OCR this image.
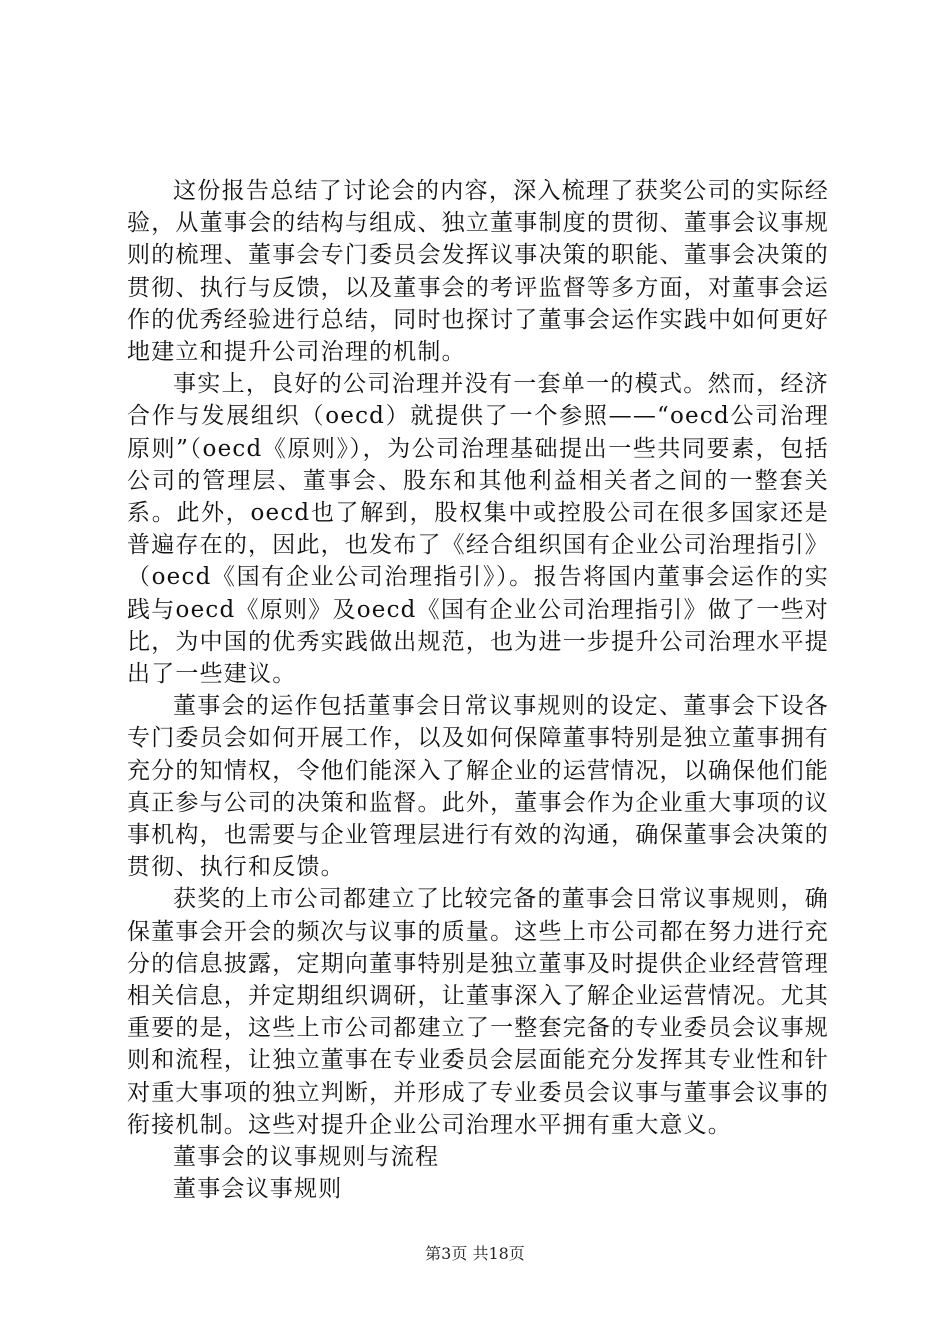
这份报告总结了讨论会的内容，深入梳理了获奖公司的实际经验，从董事会的结构与组成、独立董事制度的贯彻、董事会议事规则的梳理、董事会专门委员会发挥议事决策的职能、董事会决策的贯彻、执行与反馈，以及董事会的考评监督等多方面，对董事会运作的优秀经验进行总结，同时也探讨了董事会运作实践中如何更好地建立和提升公司治理的机制。

事实上，良好的公司治理并没有一套单一的模式。然而，经济合作与发展组织（oecd）就提供了一个参照——“oecd公司治理原则”（oecd《原则》），为公司治理基础提出一些共同要素，包括公司的管理层、董事会、股东和其他利益相关者之间的一整套关系。此外，oecd也了解到，股权集中或控股公司在很多国家还是普遍存在的，因此，也发布了《经合组织国有企业公司治理指引》（oecd《国有企业公司治理指引》）。报告将国内董事会运作的实践与oecd《原则》及oecd《国有企业公司治理指引》做了一些对比，为中国的优秀实践做出规范，也为进一步提升公司治理水平提出了一些建议。

董事会的运作包括董事会日常议事规则的设定、董事会下设各专门委员会如何开展工作，以及如何保障董事特别是独立董事拥有充分的知情权，令他们能深入了解企业的运营情况，以确保他们能真正参与公司的决策和监督。此外，董事会作为企业重大事项的议事机构，也需要与企业管理层进行有效的沟通，确保董事会决策的贯彻、执行和反馈。

获奖的上市公司都建立了比较完备的董事会日常议事规则，确保董事会开会的频次与议事的质量。这些上市公司都在努力进行充分的信息披露，定期向董事特别是独立董事及时提供企业经营管理相关信息，并定期组织调研，让董事深入了解企业运营情况。尤其重要的是，这些上市公司都建立了一整套完备的专业委员会议事规则和流程，让独立董事在专业委员会层面能充分发挥其专业性和针对重大事项的独立判断，并形成了专业委员会议事与董事会议事的衔接机制。这些对提升企业公司治理水平拥有重大意义。

董事会的议事规则与流程

董事会议事规则

第3页 共18页
